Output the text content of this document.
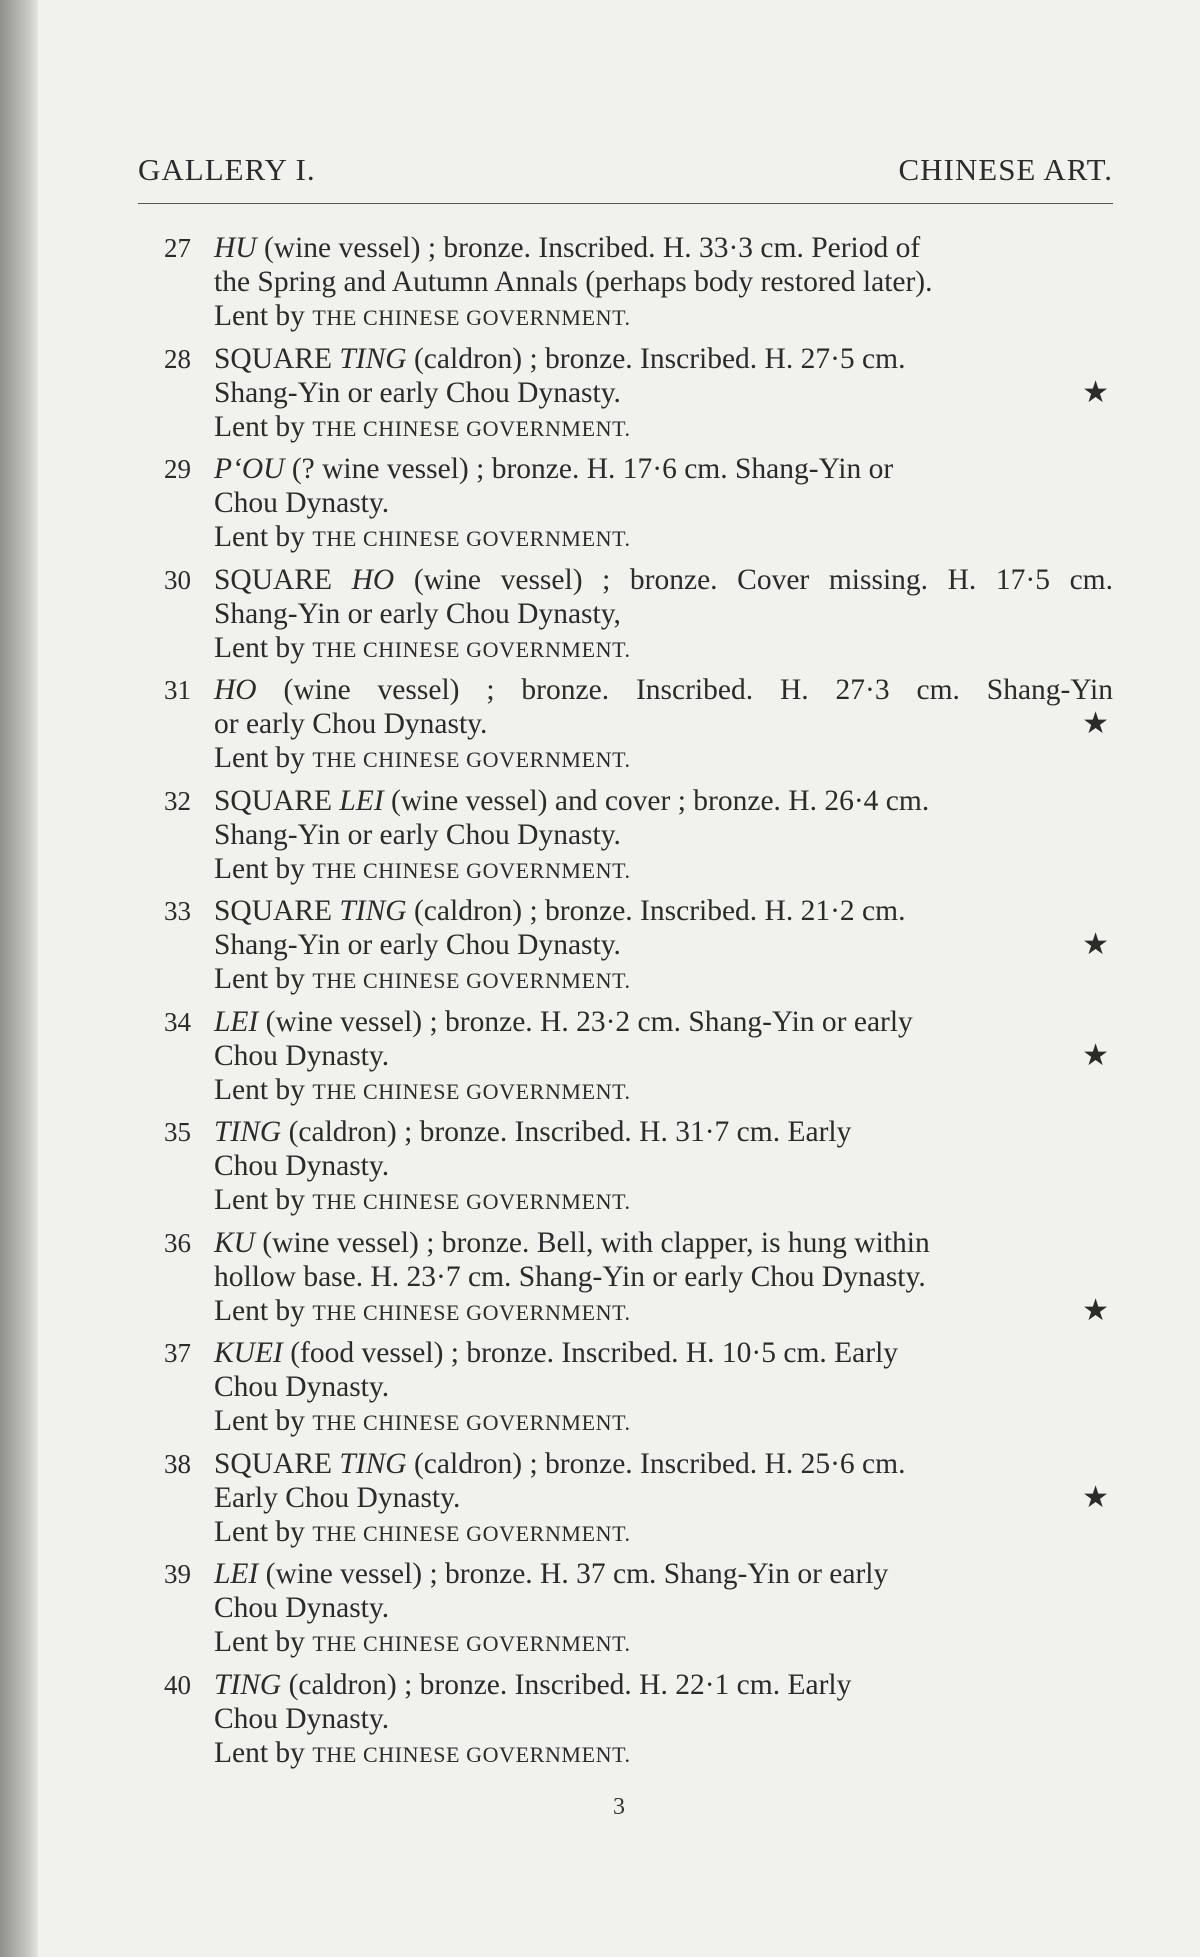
GALLERY I.	CHINESE ART.
27 HU (wine vessel) ; bronze. Inscribed. H. 33·3 cm. Period of
the Spring and Autumn Annals (perhaps body restored later).
Lent by THE CHINESE GOVERNMENT.
28 SQUARE TING (caldron) ; bronze. Inscribed. H. 27·5 cm.
Shang-Yin or early Chou Dynasty.	★
Lent by THE CHINESE GOVERNMENT.
29 P‘OU (? wine vessel) ; bronze. H. 17·6 cm. Shang-Yin or
Chou Dynasty.
Lent by THE CHINESE GOVERNMENT.
30 SQUARE HO (wine vessel) ; bronze. Cover missing. H. 17·5 cm.
Shang-Yin or early Chou Dynasty,
Lent by THE CHINESE GOVERNMENT.
31 HO (wine vessel) ; bronze. Inscribed. H. 27·3 cm. Shang-Yin
or early Chou Dynasty.	★
Lent by THE CHINESE GOVERNMENT.
32 SQUARE LEI (wine vessel) and cover ; bronze. H. 26·4 cm.
Shang-Yin or early Chou Dynasty.
Lent by THE CHINESE GOVERNMENT.
33 SQUARE TING (caldron) ; bronze. Inscribed. H. 21·2 cm.
Shang-Yin or early Chou Dynasty.	★
Lent by THE CHINESE GOVERNMENT.
34 LEI (wine vessel) ; bronze. H. 23·2 cm. Shang-Yin or early
Chou Dynasty.	★
Lent by THE CHINESE GOVERNMENT.
35 TING (caldron) ; bronze. Inscribed. H. 31·7 cm. Early
Chou Dynasty.
Lent by THE CHINESE GOVERNMENT.
36 KU (wine vessel) ; bronze. Bell, with clapper, is hung within
hollow base. H. 23·7 cm. Shang-Yin or early Chou Dynasty.
Lent by THE CHINESE GOVERNMENT.	★
37 KUEI (food vessel) ; bronze. Inscribed. H. 10·5 cm. Early
Chou Dynasty.
Lent by THE CHINESE GOVERNMENT.
38 SQUARE TING (caldron) ; bronze. Inscribed. H. 25·6 cm.
Early Chou Dynasty.	★
Lent by THE CHINESE GOVERNMENT.
39 LEI (wine vessel) ; bronze. H. 37 cm. Shang-Yin or early
Chou Dynasty.
Lent by THE CHINESE GOVERNMENT.
40 TING (caldron) ; bronze. Inscribed. H. 22·1 cm. Early
Chou Dynasty.
Lent by THE CHINESE GOVERNMENT.
3
